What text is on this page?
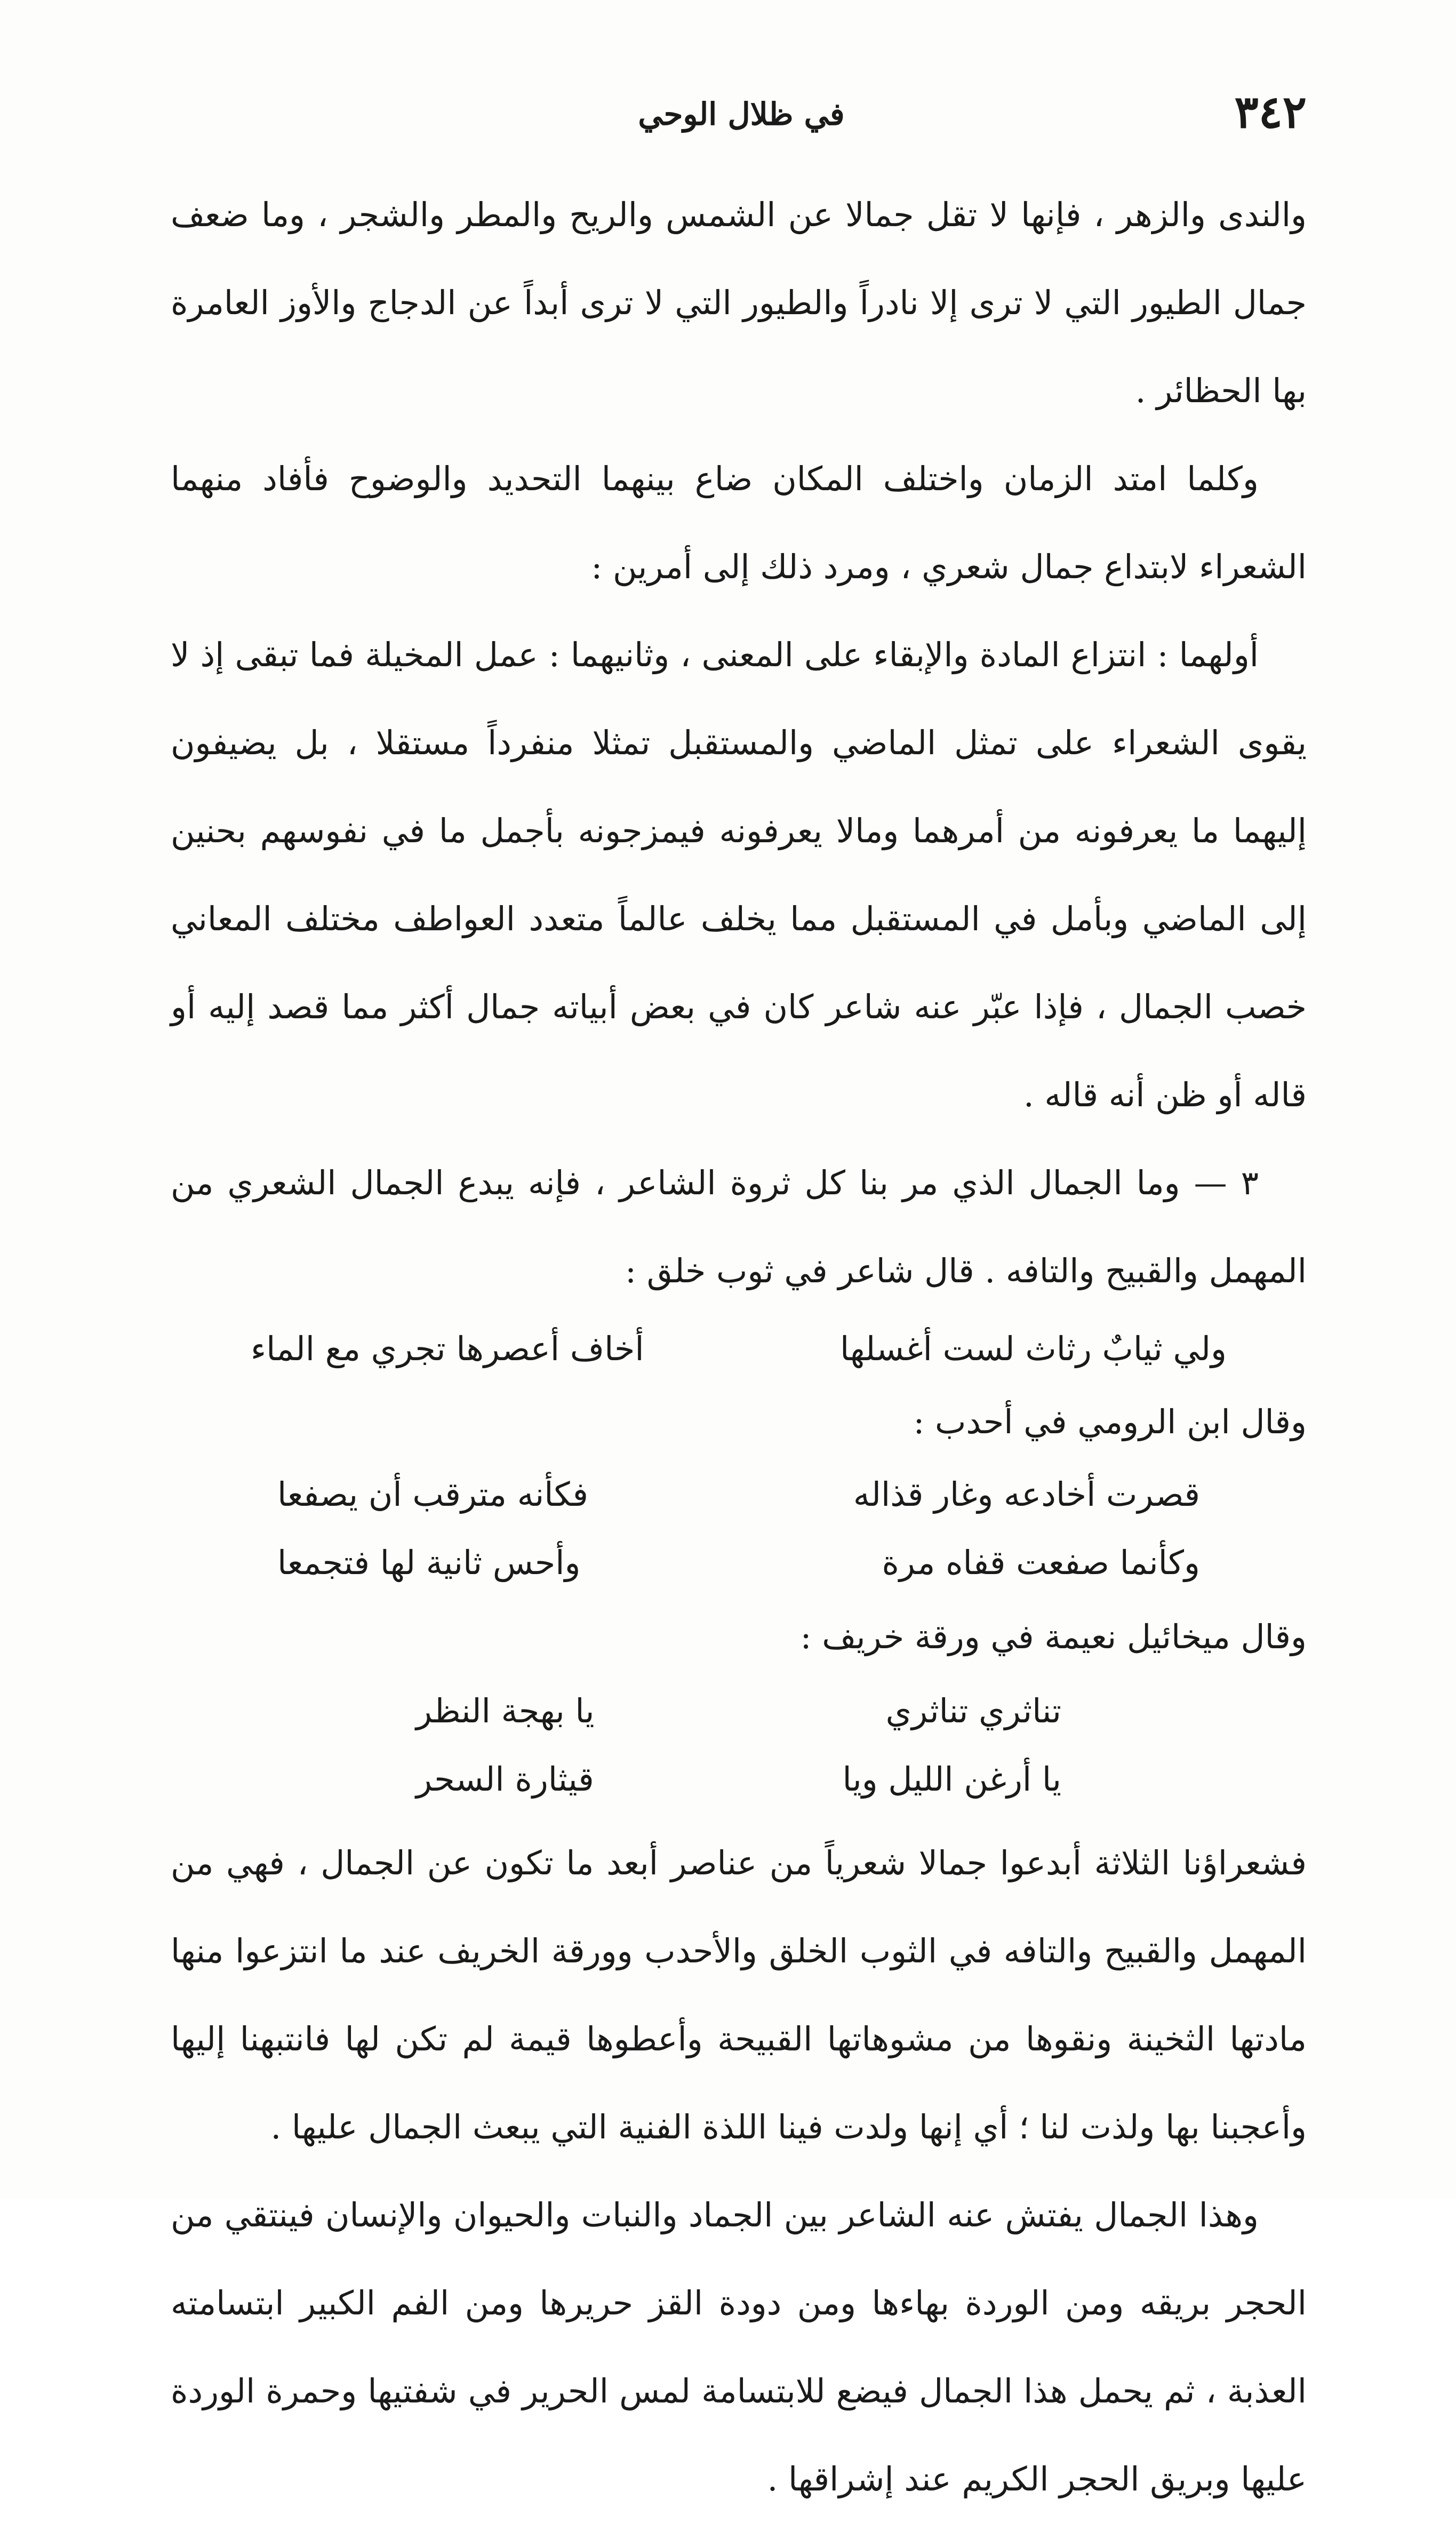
٣٤٢
في ظلال الوحي

والندى والزهر ، فإنها لا تقل جمالا عن الشمس والريح والمطر والشجر ، وما ضعف جمال الطيور التي لا ترى إلا نادراً والطيور التي لا ترى أبداً عن الدجاج والأوز العامرة بها الحظائر .

وكلما امتد الزمان واختلف المكان ضاع بينهما التحديد والوضوح فأفاد منهما الشعراء لابتداع جمال شعري ، ومرد ذلك إلى أمرين :

أولهما : انتزاع المادة والإبقاء على المعنى ، وثانيهما : عمل المخيلة فما تبقى إذ لا يقوى الشعراء على تمثل الماضي والمستقبل تمثلا منفرداً مستقلا ، بل يضيفون إليهما ما يعرفونه من أمرهما ومالا يعرفونه فيمزجونه بأجمل ما في نفوسهم بحنين إلى الماضي وبأمل في المستقبل مما يخلف عالماً متعدد العواطف مختلف المعاني خصب الجمال ، فإذا عبّر عنه شاعر كان في بعض أبياته جمال أكثر مما قصد إليه أو قاله أو ظن أنه قاله .

٣ — وما الجمال الذي مر بنا كل ثروة الشاعر ، فإنه يبدع الجمال الشعري من المهمل والقبيح والتافه . قال شاعر في ثوب خلق :

ولي ثيابٌ رثاث لست أغسلها
أخاف أعصرها تجري مع الماء

وقال ابن الرومي في أحدب :

قصرت أخادعه وغار قذاله
فكأنه مترقب أن يصفعا
وكأنما صفعت قفاه مرة
وأحس ثانية لها فتجمعا

وقال ميخائيل نعيمة في ورقة خريف :

تناثري تناثري
يا بهجة النظر
يا أرغن الليل ويا
قيثارة السحر

فشعراؤنا الثلاثة أبدعوا جمالا شعرياً من عناصر أبعد ما تكون عن الجمال ، فهي من المهمل والقبيح والتافه في الثوب الخلق والأحدب وورقة الخريف عند ما انتزعوا منها مادتها الثخينة ونقوها من مشوهاتها القبيحة وأعطوها قيمة لم تكن لها فانتبهنا إليها وأعجبنا بها ولذت لنا ؛ أي إنها ولدت فينا اللذة الفنية التي يبعث الجمال عليها .

وهذا الجمال يفتش عنه الشاعر بين الجماد والنبات والحيوان والإنسان فينتقي من الحجر بريقه ومن الوردة بهاءها ومن دودة القز حريرها ومن الفم الكبير ابتسامته العذبة ، ثم يحمل هذا الجمال فيضع للابتسامة لمس الحرير في شفتيها وحمرة الوردة عليها وبريق الحجر الكريم عند إشراقها .
